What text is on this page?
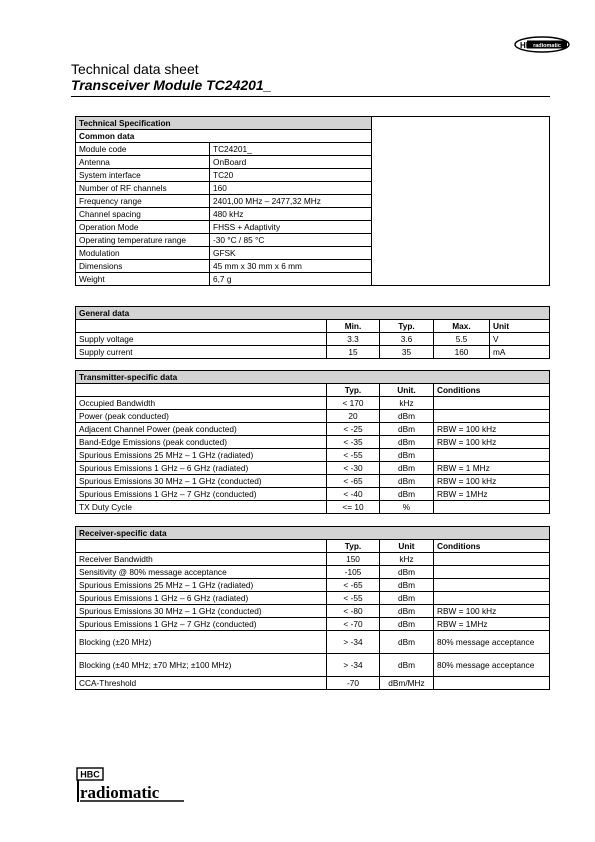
HBC
radiomatic
Technical data sheet
Transceiver Module TC24201_
Technical Specification	
Common data	
Module code	TC24201_
Antenna	OnBoard
System interface	TC20
Number of RF channels	160
Frequency range	2401,00 MHz – 2477,32 MHz
Channel spacing	480 kHz
Operation Mode	FHSS + Adaptivity
Operating temperature range	-30 °C / 85 °C
Modulation	GFSK
Dimensions	45 mm x 30 mm x 6 mm
Weight	6,7 g
General data				
	Min.	Typ.	Max.	Unit
Supply voltage	3.3	3.6	5.5	V
Supply current	15	35	160	mA
Transmitter-specific data			
	Typ.	Unit.	Conditions
Occupied Bandwidth	< 170	kHz	
Power (peak conducted)	20	dBm	
Adjacent Channel Power (peak conducted)	< -25	dBm	RBW = 100 kHz
Band-Edge Emissions (peak conducted)	< -35	dBm	RBW = 100 kHz
Spurious Emissions 25 MHz – 1 GHz (radiated)	< -55	dBm	
Spurious Emissions 1 GHz – 6 GHz (radiated)	< -30	dBm	RBW = 1 MHz
Spurious Emissions 30 MHz – 1 GHz (conducted)	< -65	dBm	RBW = 100 kHz
Spurious Emissions 1 GHz – 7 GHz (conducted)	< -40	dBm	RBW = 1MHz
TX Duty Cycle	<= 10	%	
Receiver-specific data			
	Typ.	Unit	Conditions
Receiver Bandwidth	150	kHz	
Sensitivity @ 80% message acceptance	-105	dBm	
Spurious Emissions 25 MHz – 1 GHz (radiated)	< -65	dBm	
Spurious Emissions 1 GHz – 6 GHz (radiated)	< -55	dBm	
Spurious Emissions 30 MHz – 1 GHz (conducted)	< -80	dBm	RBW = 100 kHz
Spurious Emissions 1 GHz – 7 GHz (conducted)	< -70	dBm	RBW = 1MHz
Blocking (±20 MHz)	> -34	dBm	80% message acceptance
Blocking (±40 MHz; ±70 MHz; ±100 MHz)	> -34	dBm	80% message acceptance
CCA-Threshold	-70	dBm/MHz	
HBC
radiomatic
